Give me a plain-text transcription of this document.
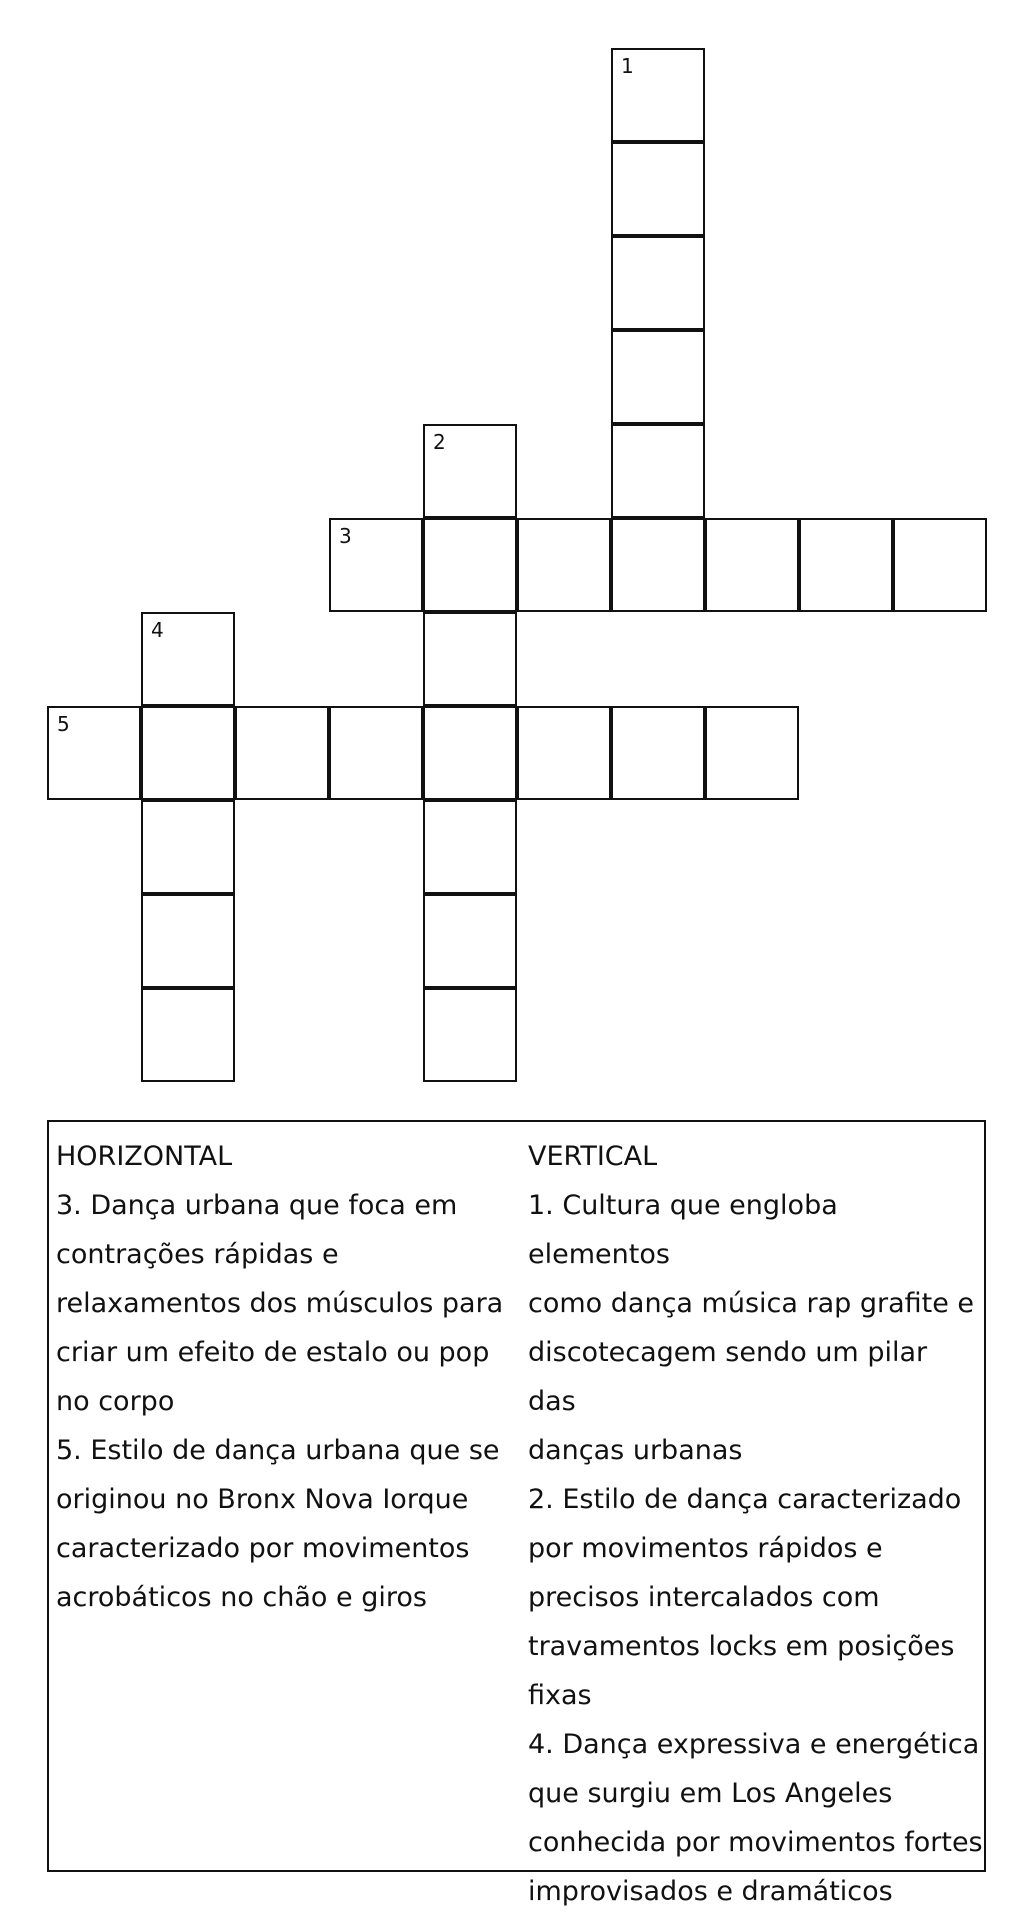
1
2
3
4
5

HORIZONTAL

3. Dança urbana que foca em
contrações rápidas e
relaxamentos dos músculos para
criar um efeito de estalo ou pop
no corpo

5. Estilo de dança urbana que se
originou no Bronx Nova Iorque
caracterizado por movimentos
acrobáticos no chão e giros

VERTICAL

1. Cultura que engloba elementos
como dança música rap grafite e
discotecagem sendo um pilar das
danças urbanas

2. Estilo de dança caracterizado
por movimentos rápidos e
precisos intercalados com
travamentos locks em posições
fixas

4. Dança expressiva e energética
que surgiu em Los Angeles
conhecida por movimentos fortes
improvisados e dramáticos
